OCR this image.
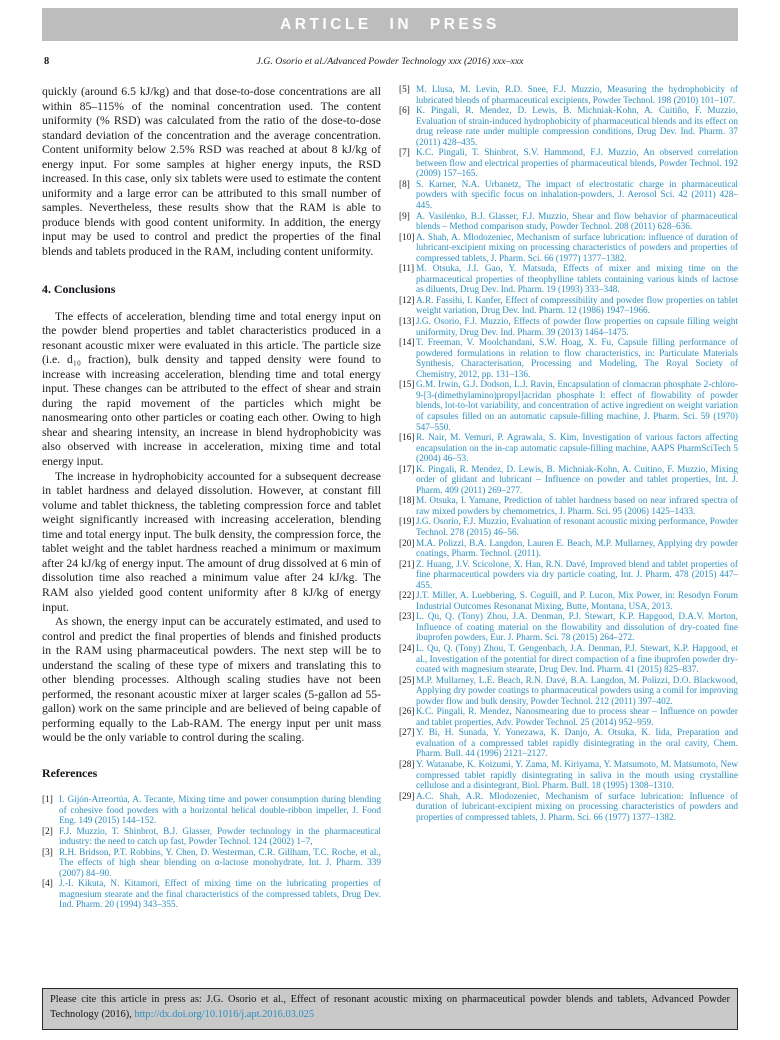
ARTICLE IN PRESS
8	J.G. Osorio et al./Advanced Powder Technology xxx (2016) xxx–xxx

quickly (around 6.5 kJ/kg) and that dose-to-dose concentrations are all within 85–115% of the nominal concentration used. The content uniformity (% RSD) was calculated from the ratio of the dose-to-dose standard deviation of the concentration and the average concentration. Content uniformity below 2.5% RSD was reached at about 8 kJ/kg of energy input. For some samples at higher energy inputs, the RSD increased. In this case, only six tablets were used to estimate the content uniformity and a large error can be attributed to this small number of samples. Nevertheless, these results show that the RAM is able to produce blends with good content uniformity. In addition, the energy input may be used to control and predict the properties of the final blends and tablets produced in the RAM, including content uniformity.

4. Conclusions

The effects of acceleration, blending time and total energy input on the powder blend properties and tablet characteristics produced in a resonant acoustic mixer were evaluated in this article. The particle size (i.e. d₁₀ fraction), bulk density and tapped density were found to increase with increasing acceleration, blending time and total energy input. These changes can be attributed to the effect of shear and strain during the rapid movement of the particles which might be nanosmearing onto other particles or coating each other. Owing to high shear and shearing intensity, an increase in blend hydrophobicity was also observed with increase in acceleration, mixing time and total energy input.

The increase in hydrophobicity accounted for a subsequent decrease in tablet hardness and delayed dissolution. However, at constant fill volume and tablet thickness, the tableting compression force and tablet weight significantly increased with increasing acceleration, blending time and total energy input. The bulk density, the compression force, the tablet weight and the tablet hardness reached a minimum or maximum after 24 kJ/kg of energy input. The amount of drug dissolved at 6 min of dissolution time also reached a minimum value after 24 kJ/kg. The RAM also yielded good content uniformity after 8 kJ/kg of energy input.

As shown, the energy input can be accurately estimated, and used to control and predict the final properties of blends and finished products in the RAM using pharmaceutical powders. The next step will be to understand the scaling of these type of mixers and translating this to other blending processes. Although scaling studies have not been performed, the resonant acoustic mixer at larger scales (5-gallon ad 55-gallon) work on the same principle and are believed of being capable of performing equally to the Lab-RAM. The energy input per unit mass would be the only variable to control during the scaling.

References
[1] I. Gijón-Arreortúa, A. Tecante, Mixing time and power consumption during blending of cohesive food powders with a horizontal helical double-ribbon impeller, J. Food Eng. 149 (2015) 144–152.
[2] F.J. Muzzio, T. Shinbrot, B.J. Glasser, Powder technology in the pharmaceutical industry: the need to catch up fast, Powder Technol. 124 (2002) 1–7,
[3] R.H. Bridson, P.T. Robbins, Y. Chen, D. Westerman, C.R. Gillham, T.C. Roche, et al., The effects of high shear blending on α-lactose monohydrate, Int. J. Pharm. 339 (2007) 84–90.
[4] J.-I. Kikuta, N. Kitamori, Effect of mixing time on the lubricating properties of magnesium stearate and the final characteristics of the compressed tablets, Drug Dev. Ind. Pharm. 20 (1994) 343–355.
[5] M. Llusa, M. Levin, R.D. Snee, F.J. Muzzio, Measuring the hydrophobicity of lubricated blends of pharmaceutical excipients, Powder Technol. 198 (2010) 101–107.
[6] K. Pingali, R. Mendez, D. Lewis, B. Michniak-Kohn, A. Cuitiño, F. Muzzio, Evaluation of strain-induced hydrophobicity of pharmaceutical blends and its effect on drug release rate under multiple compression conditions, Drug Dev. Ind. Pharm. 37 (2011) 428–435.
[7] K.C. Pingali, T. Shinbrot, S.V. Hammond, F.J. Muzzio, An observed correlation between flow and electrical properties of pharmaceutical blends, Powder Technol. 192 (2009) 157–165.
[8] S. Karner, N.A. Urbanetz, The impact of electrostatic charge in pharmaceutical powders with specific focus on inhalation-powders, J. Aerosol Sci. 42 (2011) 428–445.
[9] A. Vasilenko, B.J. Glasser, F.J. Muzzio, Shear and flow behavior of pharmaceutical blends – Method comparison study, Powder Technol. 208 (2011) 628–636.
[10] A. Shah, A. Mlodozeniec, Mechanism of surface lubrication: influence of duration of lubricant-excipient mixing on processing characteristics of powders and properties of compressed tablets, J. Pharm. Sci. 66 (1977) 1377–1382.
[11] M. Otsuka, J.I. Gao, Y. Matsuda, Effects of mixer and mixing time on the pharmaceutical properties of theophylline tablets containing various kinds of lactose as diluents, Drug Dev. Ind. Pharm. 19 (1993) 333–348.
[12] A.R. Fassihi, I. Kanfer, Effect of compressibility and powder flow properties on tablet weight variation, Drug Dev. Ind. Pharm. 12 (1986) 1947–1966.
[13] J.G. Osorio, F.J. Muzzio, Effects of powder flow properties on capsule filling weight uniformity, Drug Dev. Ind. Pharm. 39 (2013) 1464–1475.
[14] T. Freeman, V. Moolchandani, S.W. Hoag, X. Fu, Capsule filling performance of powdered formulations in relation to flow characteristics, in: Particulate Materials Synthesis, Characterisation, Processing and Modeling, The Royal Society of Chemistry, 2012, pp. 131–136.
[15] G.M. Irwin, G.J. Dodson, L.J. Ravin, Encapsulation of clomacran phosphate 2-chloro-9-[3-(dimethylamino)propyl]acridan phosphate I: effect of flowability of powder blends, lot-to-lot variability, and concentration of active ingredient on weight variation of capsules filled on an automatic capsule-filling machine, J. Pharm. Sci. 59 (1970) 547–550.
[16] R. Nair, M. Vemuri, P. Agrawala, S. Kim, Investigation of various factors affecting encapsulation on the in-cap automatic capsule-filling machine, AAPS PharmSciTech 5 (2004) 46–53.
[17] K. Pingali, R. Mendez, D. Lewis, B. Michniak-Kohn, A. Cuitino, F. Muzzio, Mixing order of glidant and lubricant – Influence on powder and tablet properties, Int. J. Pharm. 409 (2011) 269–277.
[18] M. Otsuka, I. Yamane, Prediction of tablet hardness based on near infrared spectra of raw mixed powders by chemometrics, J. Pharm. Sci. 95 (2006) 1425–1433.
[19] J.G. Osorio, F.J. Muzzio, Evaluation of resonant acoustic mixing performance, Powder Technol. 278 (2015) 46–56.
[20] M.A. Polizzi, B.A. Langdon, Lauren E. Beach, M.P. Mullarney, Applying dry powder coatings, Pharm. Technol. (2011).
[21] Z. Huang, J.V. Scicolone, X. Han, R.N. Davé, Improved blend and tablet properties of fine pharmaceutical powders via dry particle coating, Int. J. Pharm. 478 (2015) 447–455.
[22] J.T. Miller, A. Luebbering, S. Coguill, and P. Lucon, Mix Power, in: Resodyn Forum Industrial Outcomes Resonanat Mixing, Butte, Montana, USA, 2013.
[23] L. Qu, Q. (Tony) Zhou, J.A. Denman, P.J. Stewart, K.P. Hapgood, D.A.V. Morton, Influence of coating material on the flowability and dissolution of dry-coated fine ibuprofen powders, Eur. J. Pharm. Sci. 78 (2015) 264–272.
[24] L. Qu, Q. (Tony) Zhou, T. Gengenbach, J.A. Denman, P.J. Stewart, K.P. Hapgood, et al., Investigation of the potential for direct compaction of a fine ibuprofen powder dry-coated with magnesium stearate, Drug Dev. Ind. Pharm. 41 (2015) 825–837.
[25] M.P. Mullarney, L.E. Beach, R.N. Davé, B.A. Langdon, M. Polizzi, D.O. Blackwood, Applying dry powder coatings to pharmaceutical powders using a comil for improving powder flow and bulk density, Powder Technol. 212 (2011) 397–402.
[26] K.C. Pingali, R. Mendez, Nanosmearing due to process shear – Influence on powder and tablet properties, Adv. Powder Technol. 25 (2014) 952–959.
[27] Y. Bi, H. Sunada, Y. Yonezawa, K. Danjo, A. Otsuka, K. Iida, Preparation and evaluation of a compressed tablet rapidly disintegrating in the oral cavity, Chem. Pharm. Bull. 44 (1996) 2121–2127.
[28] Y. Watanabe, K. Koizumi, Y. Zama, M. Kiriyama, Y. Matsumoto, M. Matsumoto, New compressed tablet rapidly disintegrating in saliva in the mouth using crystalline cellulose and a disintegrant, Biol. Pharm. Bull. 18 (1995) 1308–1310.
[29] A.C. Shah, A.R. Mlodozeniec, Mechanism of surface lubrication: Influence of duration of lubricant-excipient mixing on processing characteristics of powders and properties of compressed tablets, J. Pharm. Sci. 66 (1977) 1377–1382.
Please cite this article in press as: J.G. Osorio et al., Effect of resonant acoustic mixing on pharmaceutical powder blends and tablets, Advanced Powder Technology (2016), http://dx.doi.org/10.1016/j.apt.2016.03.025
